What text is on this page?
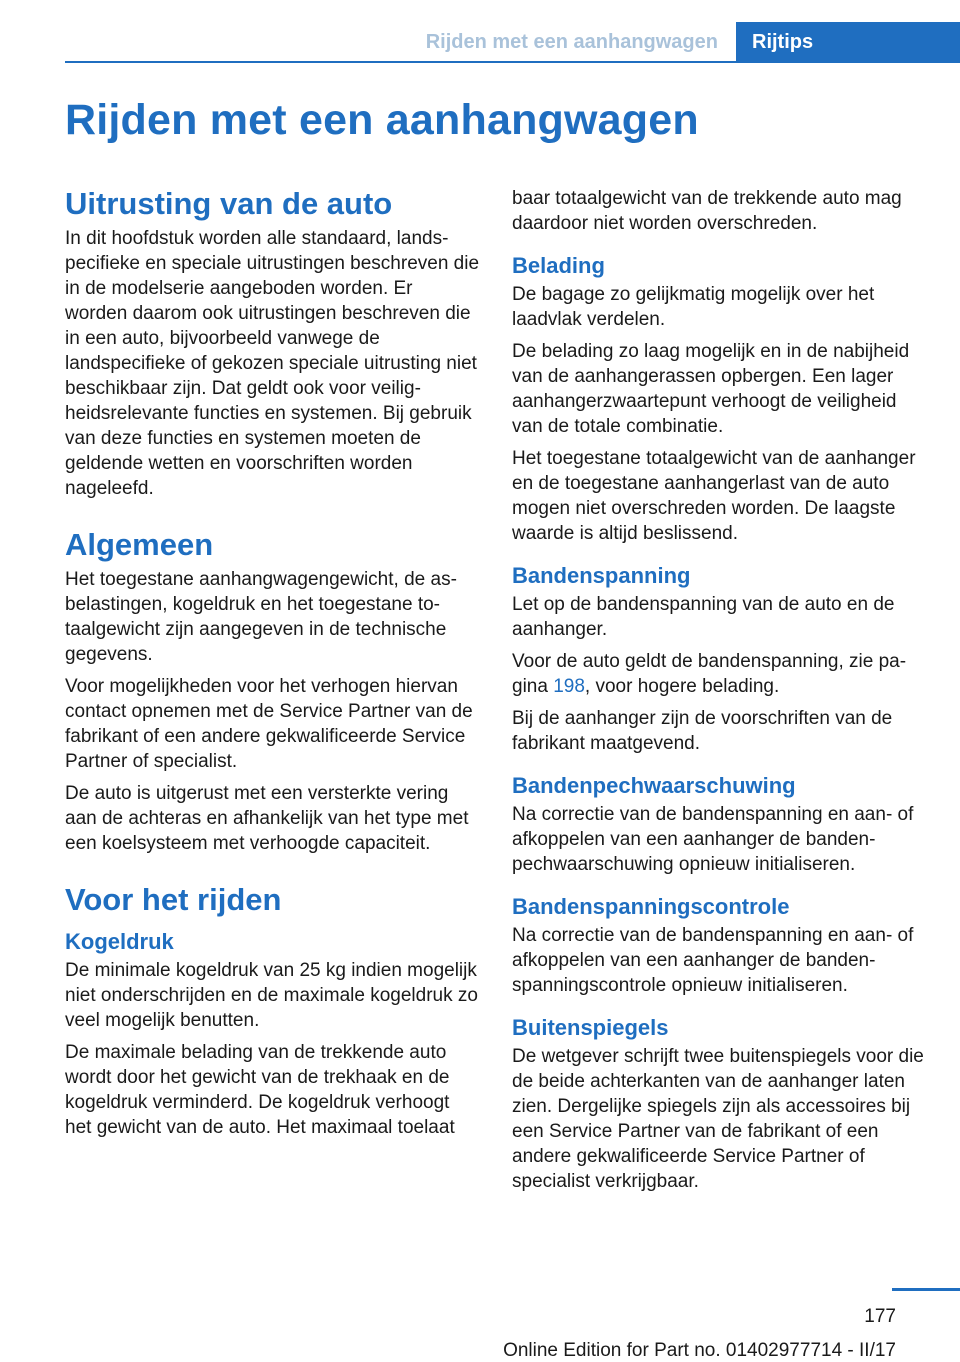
Rijden met een aanhangwagen	Rijtips
Rijden met een aanhangwagen
Uitrusting van de auto

In dit hoofdstuk worden alle standaard, landspecifieke en speciale uitrustingen beschreven die in de modelserie aangeboden worden. Er worden daarom ook uitrustingen beschreven die in een auto, bijvoorbeeld vanwege de landspecifieke of gekozen speciale uitrusting niet beschikbaar zijn. Dat geldt ook voor veiligheidsrelevante functies en systemen. Bij gebruik van deze functies en systemen moeten de geldende wetten en voorschriften worden nageleefd.

Algemeen

Het toegestane aanhangwagengewicht, de asbelastingen, kogeldruk en het toegestane totaalgewicht zijn aangegeven in de technische gegevens.

Voor mogelijkheden voor het verhogen hiervan contact opnemen met de Service Partner van de fabrikant of een andere gekwalificeerde Service Partner of specialist.

De auto is uitgerust met een versterkte vering aan de achteras en afhankelijk van het type met een koelsysteem met verhoogde capaciteit.

Voor het rijden
Kogeldruk

De minimale kogeldruk van 25 kg indien mogelijk niet onderschrijden en de maximale kogeldruk zo veel mogelijk benutten.

De maximale belading van de trekkende auto wordt door het gewicht van de trekhaak en de kogeldruk verminderd. De kogeldruk verhoogt het gewicht van de auto. Het maximaal toelaat

baar totaalgewicht van de trekkende auto mag daardoor niet worden overschreden.

Belading

De bagage zo gelijkmatig mogelijk over het laadvlak verdelen.

De belading zo laag mogelijk en in de nabijheid van de aanhangerassen opbergen. Een lager aanhangerzwaartepunt verhoogt de veiligheid van de totale combinatie.

Het toegestane totaalgewicht van de aanhanger en de toegestane aanhangerlast van de auto mogen niet overschreden worden. De laagste waarde is altijd beslissend.

Bandenspanning

Let op de bandenspanning van de auto en de aanhanger.

Voor de auto geldt de bandenspanning, zie pagina 198, voor hogere belading.

Bij de aanhanger zijn de voorschriften van de fabrikant maatgevend.

Bandenpechwaarschuwing

Na correctie van de bandenspanning en aan- of afkoppelen van een aanhanger de bandenpechwaarschuwing opnieuw initialiseren.

Bandenspanningscontrole

Na correctie van de bandenspanning en aan- of afkoppelen van een aanhanger de bandenspanningscontrole opnieuw initialiseren.

Buitenspiegels

De wetgever schrijft twee buitenspiegels voor die de beide achterkanten van de aanhanger laten zien. Dergelijke spiegels zijn als accessoires bij een Service Partner van de fabrikant of een andere gekwalificeerde Service Partner of specialist verkrijgbaar.

177
Online Edition for Part no. 01402977714 - II/17
